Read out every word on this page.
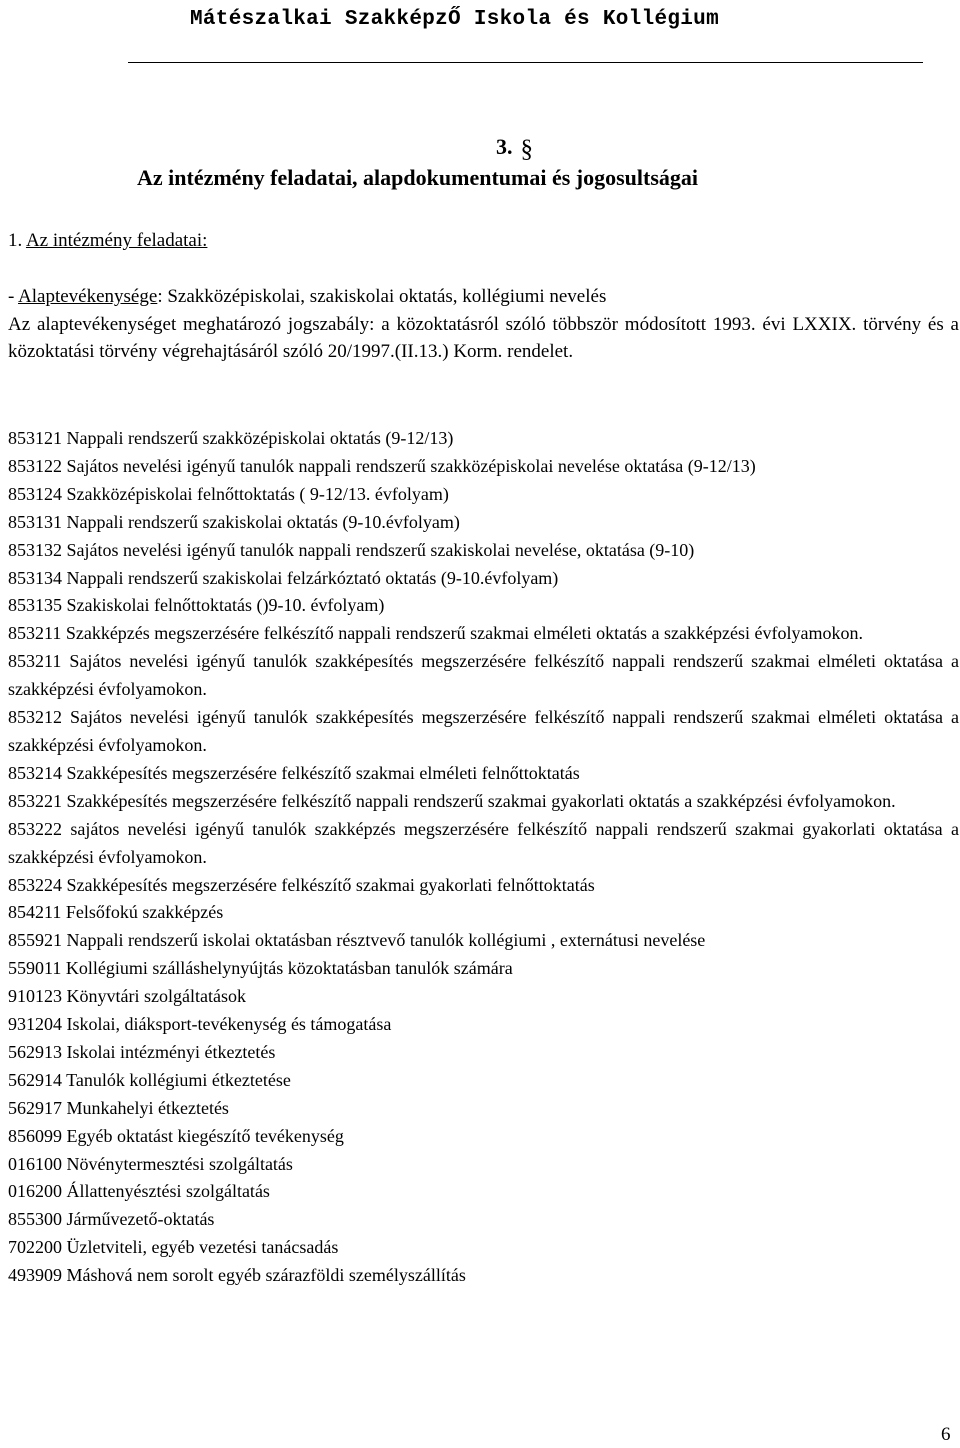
Mátészalkai SzakképzŐ Iskola és Kollégium
3. §
Az intézmény feladatai, alapdokumentumai és jogosultságai
1. Az intézmény feladatai:
- Alaptevékenysége: Szakközépiskolai, szakiskolai oktatás, kollégiumi nevelés
Az alaptevékenységet meghatározó jogszabály: a közoktatásról szóló többször módosított 1993. évi LXXIX. törvény és a közoktatási törvény végrehajtásáról szóló 20/1997.(II.13.) Korm. rendelet.
853121 Nappali rendszerű szakközépiskolai oktatás (9-12/13)
853122 Sajátos nevelési igényű tanulók nappali rendszerű szakközépiskolai nevelése oktatása (9-12/13)
853124 Szakközépiskolai felnőttoktatás ( 9-12/13. évfolyam)
853131 Nappali rendszerű szakiskolai oktatás (9-10.évfolyam)
853132 Sajátos nevelési igényű tanulók nappali rendszerű szakiskolai nevelése, oktatása (9-10)
853134 Nappali rendszerű szakiskolai felzárkóztató oktatás (9-10.évfolyam)
853135 Szakiskolai felnőttoktatás ()9-10. évfolyam)
853211 Szakképzés megszerzésére felkészítő nappali rendszerű szakmai elméleti oktatás a szakképzési évfolyamokon.
853211 Sajátos nevelési igényű tanulók szakképesítés megszerzésére felkészítő nappali rendszerű szakmai elméleti oktatása a szakképzési évfolyamokon.
853212 Sajátos nevelési igényű tanulók szakképesítés megszerzésére felkészítő nappali rendszerű szakmai elméleti oktatása a szakképzési évfolyamokon.
853214 Szakképesítés megszerzésére felkészítő szakmai elméleti felnőttoktatás
853221 Szakképesítés megszerzésére felkészítő nappali rendszerű szakmai gyakorlati oktatás a szakképzési évfolyamokon.
853222 sajátos nevelési igényű tanulók szakképzés megszerzésére felkészítő nappali rendszerű szakmai gyakorlati oktatása a szakképzési évfolyamokon.
853224 Szakképesítés megszerzésére felkészítő szakmai gyakorlati felnőttoktatás
854211 Felsőfokú szakképzés
855921 Nappali rendszerű iskolai oktatásban résztvevő tanulók kollégiumi , externátusi nevelése
559011 Kollégiumi szálláshelynyújtás közoktatásban tanulók számára
910123 Könyvtári szolgáltatások
931204 Iskolai, diáksport-tevékenység és támogatása
562913 Iskolai intézményi étkeztetés
562914 Tanulók kollégiumi étkeztetése
562917 Munkahelyi étkeztetés
856099 Egyéb oktatást kiegészítő tevékenység
016100 Növénytermesztési szolgáltatás
016200 Állattenyésztési szolgáltatás
855300 Járművezető-oktatás
702200 Üzletviteli, egyéb vezetési tanácsadás
493909 Máshová nem sorolt egyéb szárazföldi személyszállítás
6
